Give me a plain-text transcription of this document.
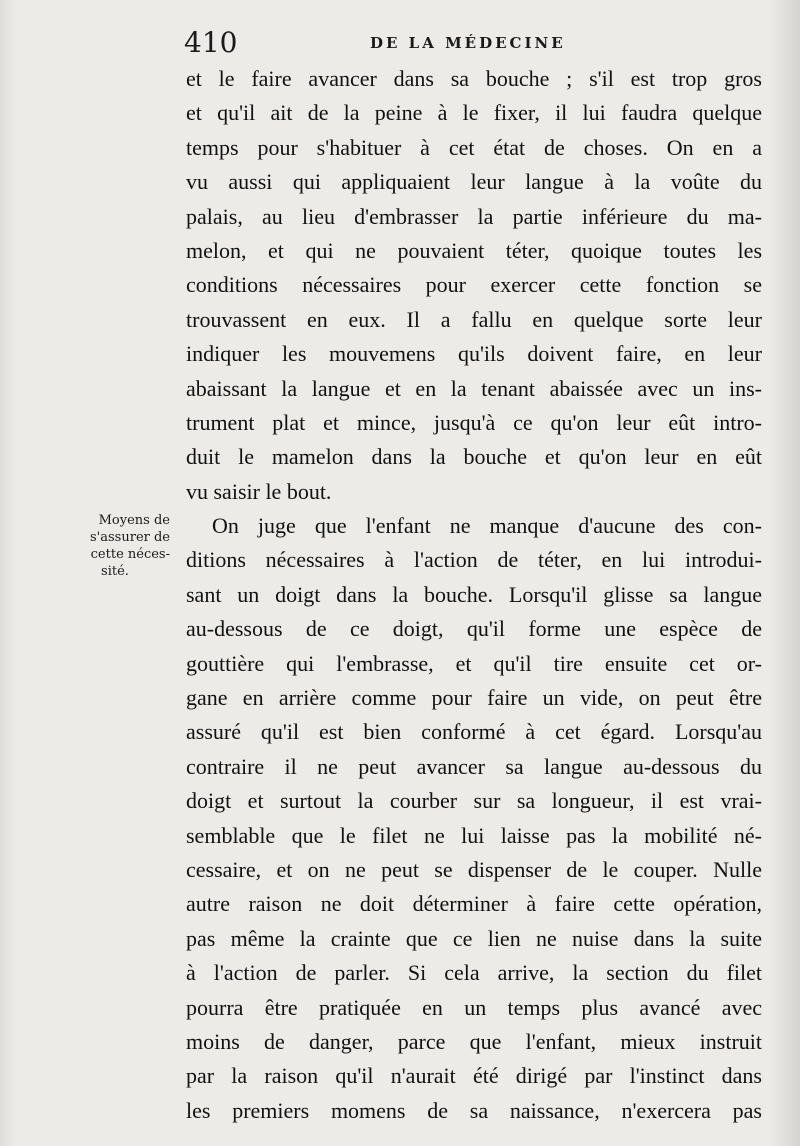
410	DE LA MÉDECINE
Moyens de
s'assurer de
cette néces-
sité.
et le faire avancer dans sa bouche ; s'il est trop gros
et qu'il ait de la peine à le fixer, il lui faudra quelque
temps pour s'habituer à cet état de choses. On en a
vu aussi qui appliquaient leur langue à la voûte du
palais, au lieu d'embrasser la partie inférieure du ma-
melon, et qui ne pouvaient téter, quoique toutes les
conditions nécessaires pour exercer cette fonction se
trouvassent en eux. Il a fallu en quelque sorte leur
indiquer les mouvemens qu'ils doivent faire, en leur
abaissant la langue et en la tenant abaissée avec un ins-
trument plat et mince, jusqu'à ce qu'on leur eût intro-
duit le mamelon dans la bouche et qu'on leur en eût
vu saisir le bout.
On juge que l'enfant ne manque d'aucune des con-
ditions nécessaires à l'action de téter, en lui introdui-
sant un doigt dans la bouche. Lorsqu'il glisse sa langue
au-dessous de ce doigt, qu'il forme une espèce de
gouttière qui l'embrasse, et qu'il tire ensuite cet or-
gane en arrière comme pour faire un vide, on peut être
assuré qu'il est bien conformé à cet égard. Lorsqu'au
contraire il ne peut avancer sa langue au-dessous du
doigt et surtout la courber sur sa longueur, il est vrai-
semblable que le filet ne lui laisse pas la mobilité né-
cessaire, et on ne peut se dispenser de le couper. Nulle
autre raison ne doit déterminer à faire cette opération,
pas même la crainte que ce lien ne nuise dans la suite
à l'action de parler. Si cela arrive, la section du filet
pourra être pratiquée en un temps plus avancé avec
moins de danger, parce que l'enfant, mieux instruit
par la raison qu'il n'aurait été dirigé par l'instinct dans
les premiers momens de sa naissance, n'exercera pas
